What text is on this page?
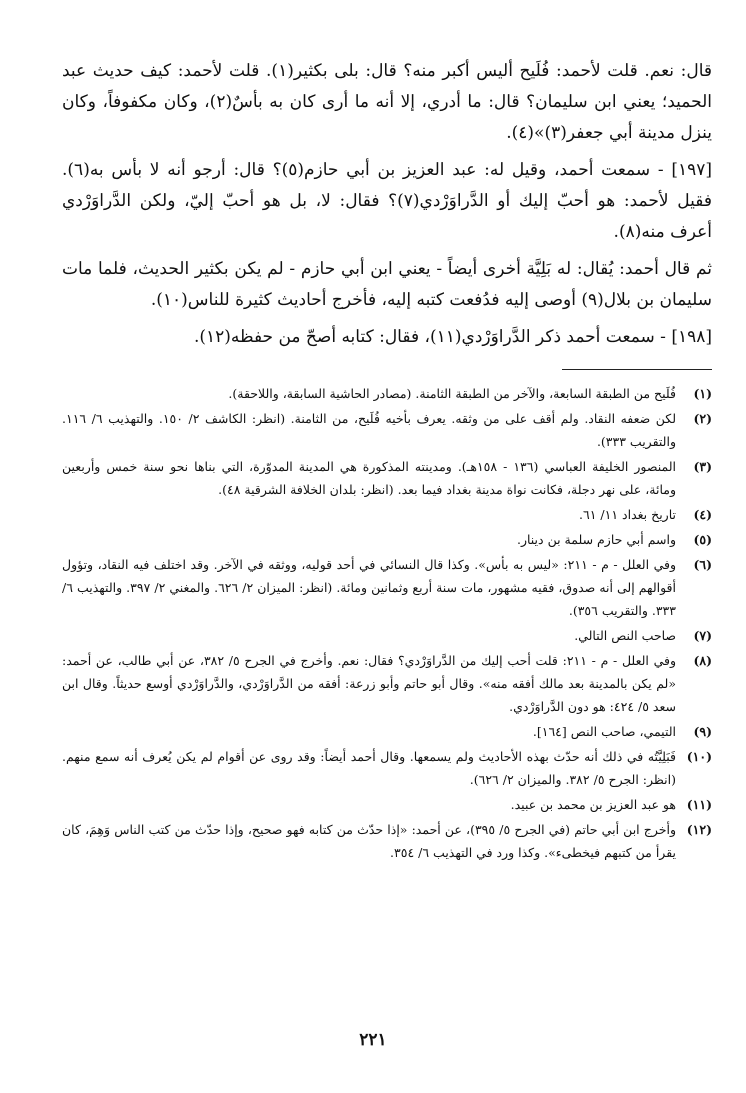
قال: نعم. قلت لأحمد: فُلَيح أليس أكبر منه؟ قال: بلى بكثير(١). قلت لأحمد: كيف حديث عبد الحميد؛ يعني ابن سليمان؟ قال: ما أدري، إلا أنه ما أرى كان به بأسٌ(٢)، وكان مكفوفاً، وكان ينزل مدينة أبي جعفر(٣)»(٤).

[١٩٧] - سمعت أحمد، وقيل له: عبد العزيز بن أبي حازم(٥)؟ قال: أرجو أنه لا بأس به(٦). فقيل لأحمد: هو أحبّ إليك أو الدَّراوَرْدي(٧)؟ فقال: لا، بل هو أحبّ إليّ، ولكن الدَّراوَرْدي أعرف منه(٨).

ثم قال أحمد: يُقال: له بَلِيَّة أخرى أيضاً - يعني ابن أبي حازم - لم يكن بكثير الحديث، فلما مات سليمان بن بلال(٩) أوصى إليه فدُفعت كتبه إليه، فأخرج أحاديث كثيرة للناس(١٠).

[١٩٨] - سمعت أحمد ذكر الدَّراوَرْدي(١١)، فقال: كتابه أصحّ من حفظه(١٢).

(١)
فُلَيح من الطبقة السابعة، والآخر من الطبقة الثامنة. (مصادر الحاشية السابقة، واللاحقة).
(٢)
لكن ضعفه النقاد. ولم أقف على من وثقه. يعرف بأخيه فُلَيح، من الثامنة. (انظر: الكاشف ٢/ ١٥٠. والتهذيب ٦/ ١١٦. والتقريب ٣٣٣).
(٣)
المنصور الخليفة العباسي (١٣٦ - ١٥٨هـ). ومدينته المذكورة هي المدينة المدوّرة، التي بناها نحو سنة خمس وأربعين ومائة، على نهر دجلة، فكانت نواة مدينة بغداد فيما بعد. (انظر: بلدان الخلافة الشرقية ٤٨).
(٤)
تاريخ بغداد ١١/ ٦١.
(٥)
واسم أبي حازم سلمة بن دينار.
(٦)
وفي العلل - م - ٢١١: «ليس به بأس». وكذا قال النسائي في أحد قوليه، ووثقه في الآخر. وقد اختلف فيه النقاد، وتؤول أقوالهم إلى أنه صدوق، فقيه مشهور، مات سنة أربع وثمانين ومائة. (انظر: الميزان ٢/ ٦٢٦. والمغني ٢/ ٣٩٧. والتهذيب ٦/ ٣٣٣. والتقريب ٣٥٦).
(٧)
صاحب النص التالي.
(٨)
وفي العلل - م - ٢١١: قلت أحب إليك من الدَّراوَرْدي؟ فقال: نعم. وأخرج في الجرح ٥/ ٣٨٢، عن أبي طالب، عن أحمد: «لم يكن بالمدينة بعد مالك أفقه منه». وقال أبو حاتم وأبو زرعة: أفقه من الدَّراوَرْدي، والدَّراوَرْدي أوسع حديثاً. وقال ابن سعد ٥/ ٤٢٤: هو دون الدَّراوَرْدي.
(٩)
التيمي، صاحب النص [١٦٤].
(١٠)
فَبَلِيَّتُه في ذلك أنه حدّث بهذه الأحاديث ولم يسمعها. وقال أحمد أيضاً: وقد روى عن أقوام لم يكن يُعرف أنه سمع منهم. (انظر: الجرح ٥/ ٣٨٢. والميزان ٢/ ٦٢٦).
(١١)
هو عبد العزيز بن محمد بن عبيد.
(١٢)
وأخرج ابن أبي حاتم (في الجرح ٥/ ٣٩٥)، عن أحمد: «إذا حدّث من كتابه فهو صحيح، وإذا حدّث من كتب الناس وَهِمَ، كان يقرأ من كتبهم فيخطىء». وكذا ورد في التهذيب ٦/ ٣٥٤.
٢٢١
